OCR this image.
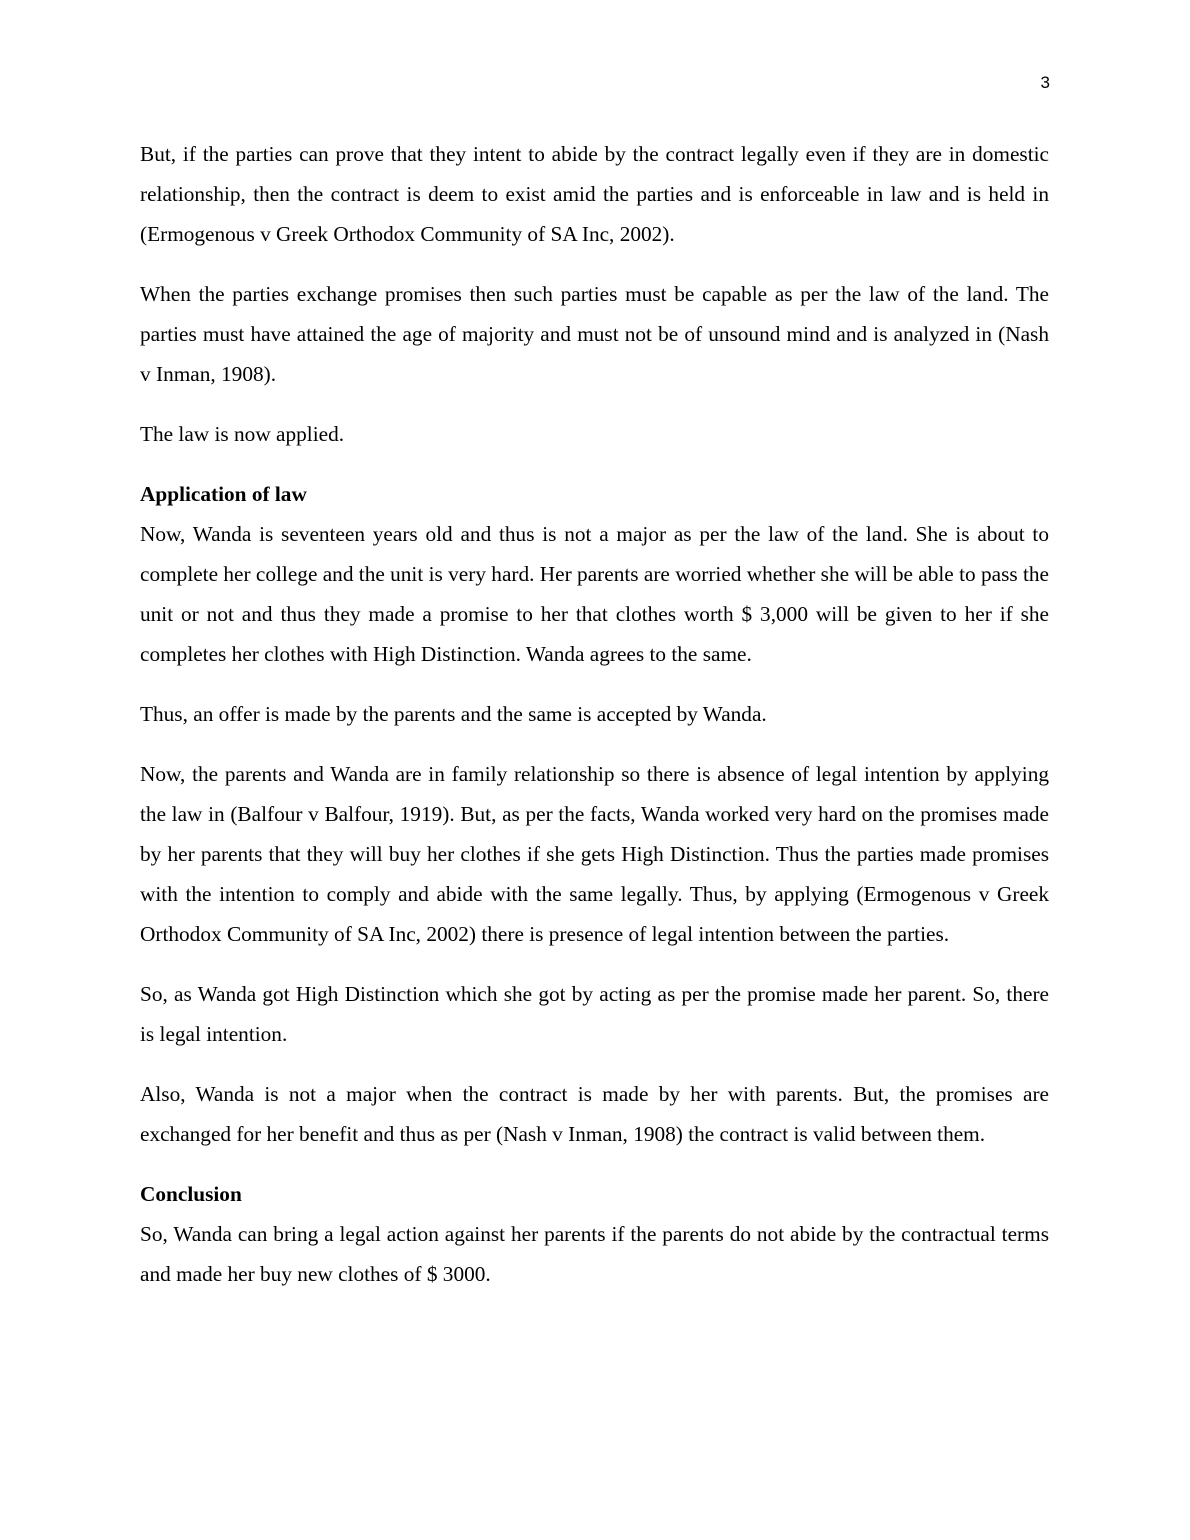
3

But, if the parties can prove that they intent to abide by the contract legally even if they are in domestic relationship, then the contract is deem to exist amid the parties and is enforceable in law and is held in (Ermogenous v Greek Orthodox Community of SA Inc, 2002).

When the parties exchange promises then such parties must be capable as per the law of the land. The parties must have attained the age of majority and must not be of unsound mind and is analyzed in (Nash v Inman, 1908).

The law is now applied.

Application of law

Now, Wanda is seventeen years old and thus is not a major as per the law of the land. She is about to complete her college and the unit is very hard. Her parents are worried whether she will be able to pass the unit or not and thus they made a promise to her that clothes worth $ 3,000 will be given to her if she completes her clothes with High Distinction. Wanda agrees to the same.

Thus, an offer is made by the parents and the same is accepted by Wanda.

Now, the parents and Wanda are in family relationship so there is absence of legal intention by applying the law in (Balfour v Balfour, 1919). But, as per the facts, Wanda worked very hard on the promises made by her parents that they will buy her clothes if she gets High Distinction. Thus the parties made promises with the intention to comply and abide with the same legally. Thus, by applying (Ermogenous v Greek Orthodox Community of SA Inc, 2002) there is presence of legal intention between the parties.

So, as Wanda got High Distinction which she got by acting as per the promise made her parent. So, there is legal intention.

Also, Wanda is not a major when the contract is made by her with parents. But, the promises are exchanged for her benefit and thus as per (Nash v Inman, 1908) the contract is valid between them.

Conclusion

So, Wanda can bring a legal action against her parents if the parents do not abide by the contractual terms and made her buy new clothes of $ 3000.
